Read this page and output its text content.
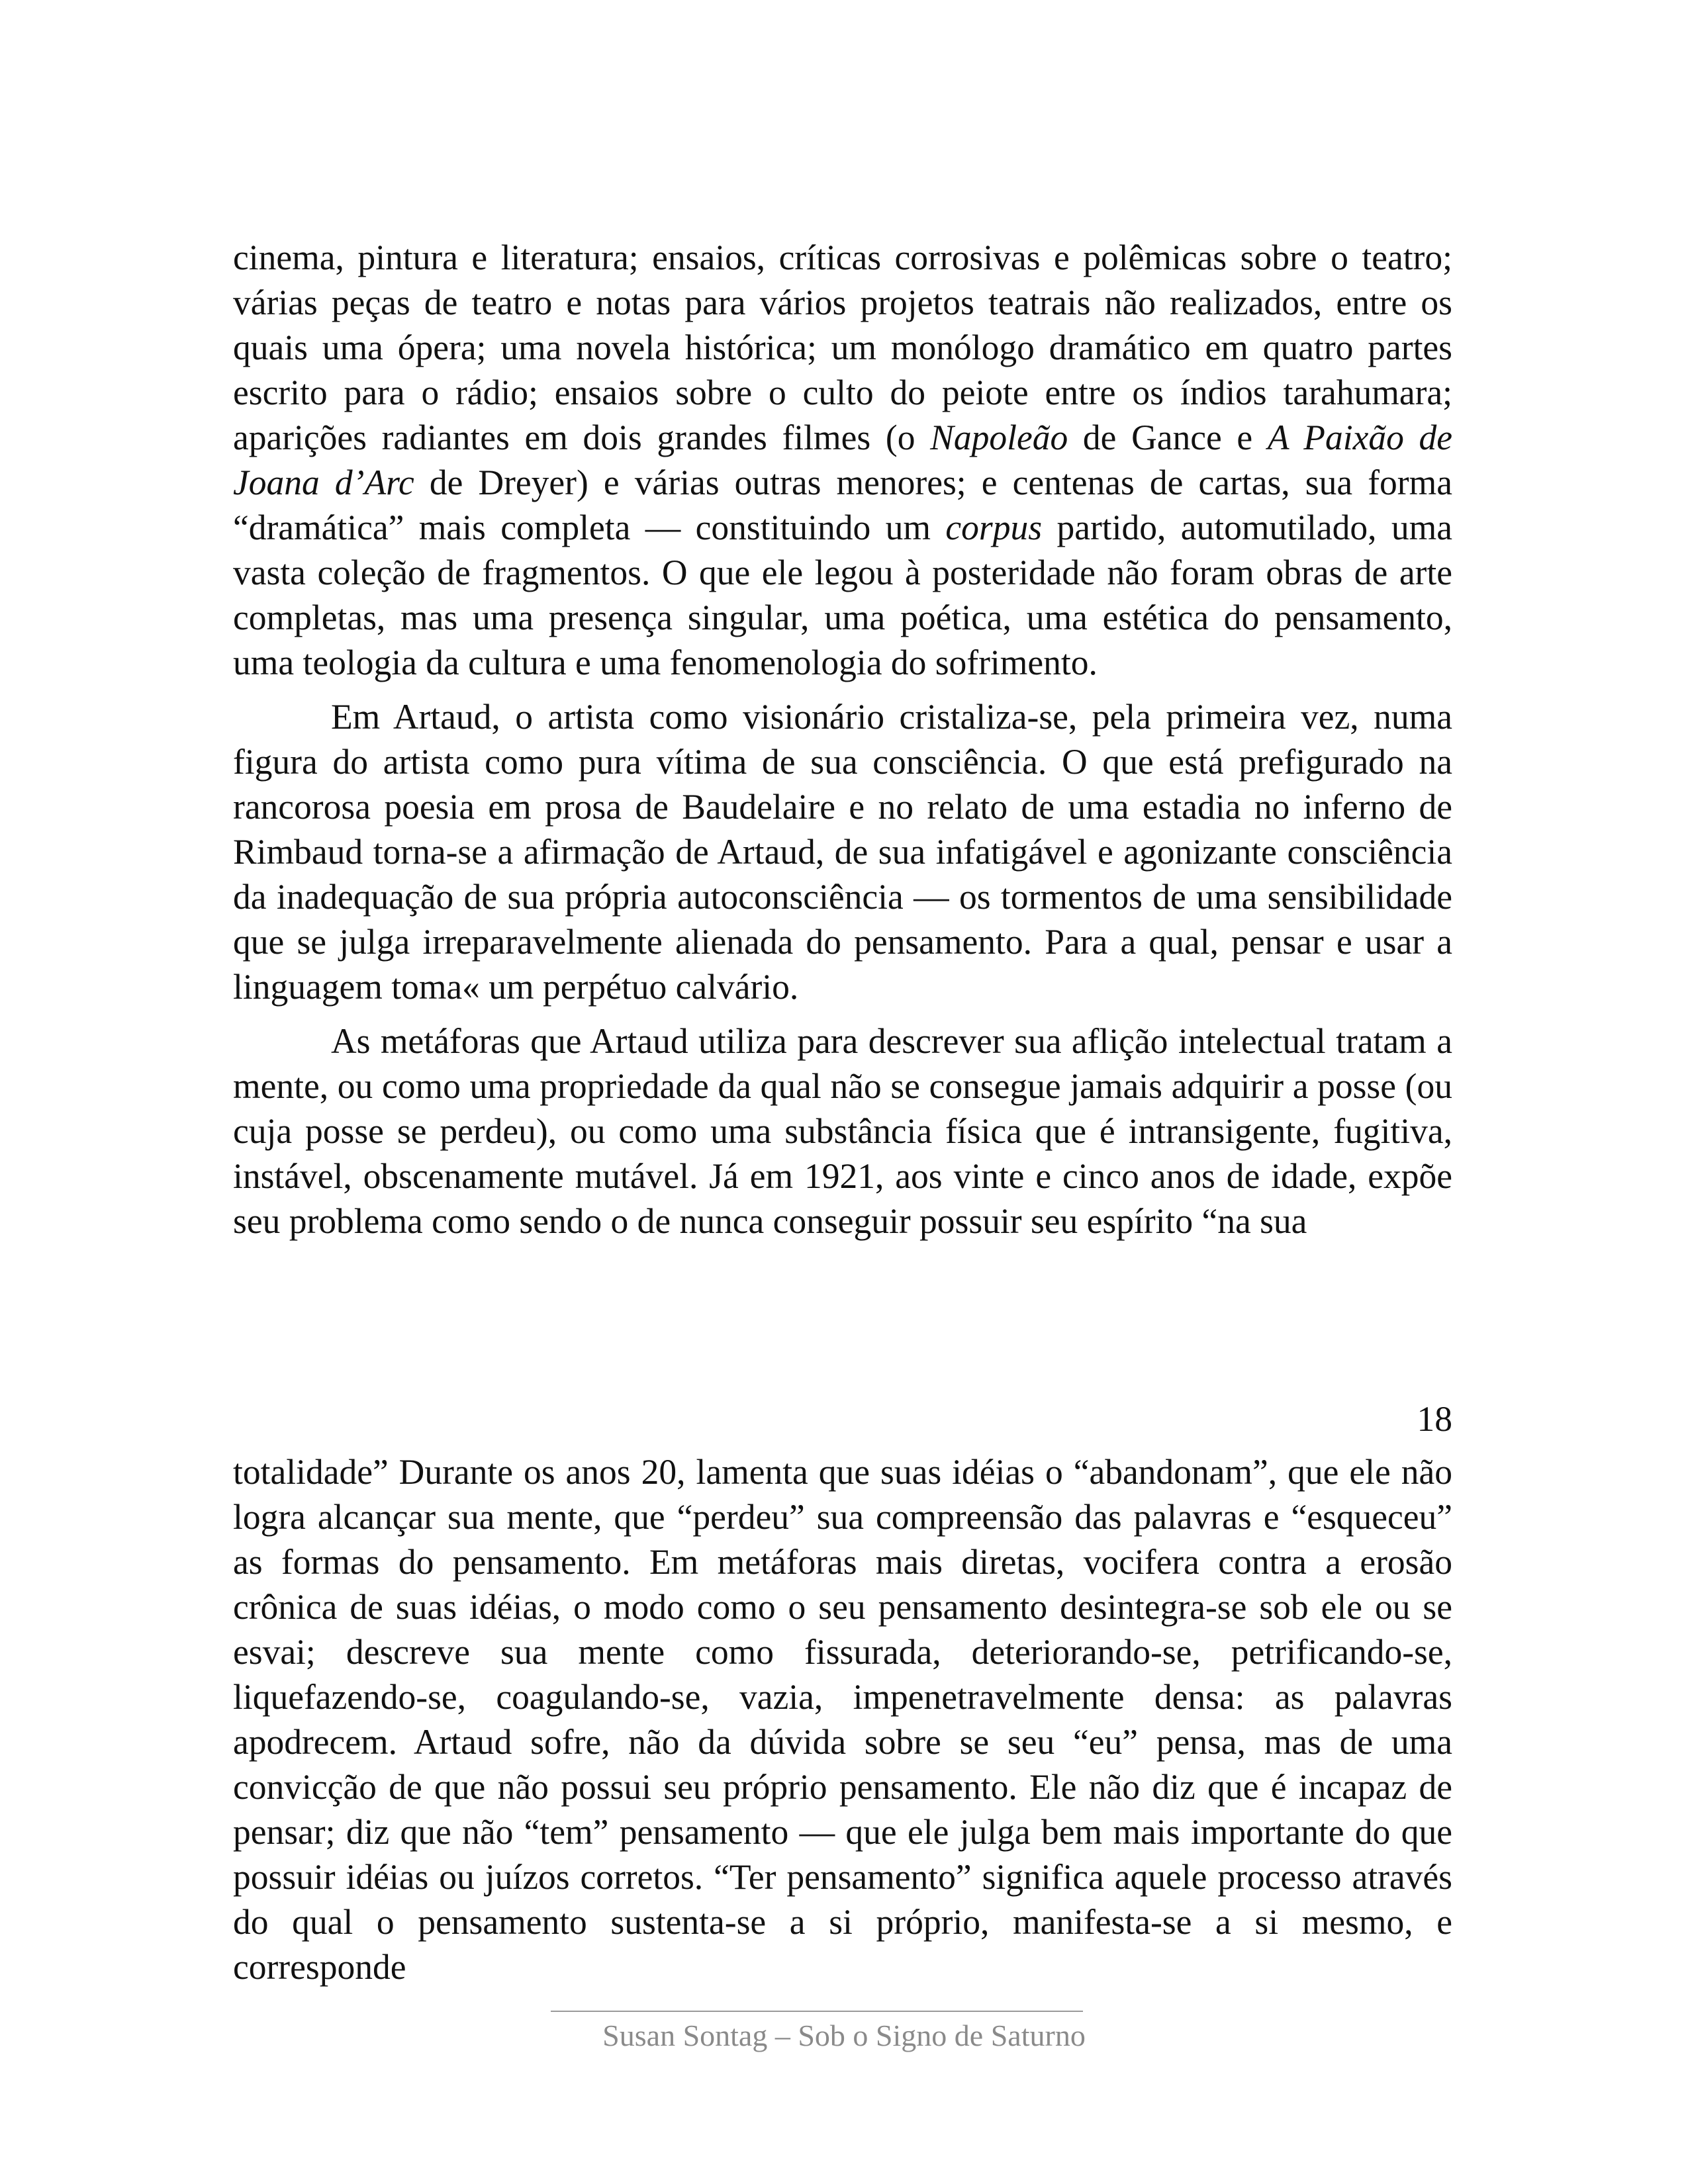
cinema, pintura e literatura; ensaios, críticas corrosivas e polêmicas sobre o teatro; várias peças de teatro e notas para vários projetos teatrais não realizados, entre os quais uma ópera; uma novela histórica; um monólogo dramático em quatro partes escrito para o rádio; ensaios sobre o culto do peiote entre os índios tarahumara; aparições radiantes em dois grandes filmes (o Napoleão de Gance e A Paixão de Joana d’Arc de Dreyer) e várias outras menores; e centenas de cartas, sua forma “dramática” mais completa — constituindo um corpus partido, automutilado, uma vasta coleção de fragmentos. O que ele legou à posteridade não foram obras de arte completas, mas uma presença singular, uma poética, uma estética do pensamento, uma teologia da cultura e uma fenomenologia do sofrimento.

Em Artaud, o artista como visionário cristaliza-se, pela primeira vez, numa figura do artista como pura vítima de sua consciência. O que está prefigurado na rancorosa poesia em prosa de Baudelaire e no relato de uma estadia no inferno de Rimbaud torna-se a afirmação de Artaud, de sua infatigável e agonizante consciência da inadequação de sua própria autoconsciência — os tormentos de uma sensibilidade que se julga irreparavelmente alienada do pensamento. Para a qual, pensar e usar a linguagem toma« um perpétuo calvário.

As metáforas que Artaud utiliza para descrever sua aflição intelectual tratam a mente, ou como uma propriedade da qual não se consegue jamais adquirir a posse (ou cuja posse se perdeu), ou como uma substância física que é intransigente, fugitiva, instável, obscenamente mutável. Já em 1921, aos vinte e cinco anos de idade, expõe seu problema como sendo o de nunca conseguir possuir seu espírito “na sua

18

totalidade” Durante os anos 20, lamenta que suas idéias o “abandonam”, que ele não logra alcançar sua mente, que “perdeu” sua compreensão das palavras e “esqueceu” as formas do pensamento. Em metáforas mais diretas, vocifera contra a erosão crônica de suas idéias, o modo como o seu pensamento desintegra-se sob ele ou se esvai; descreve sua mente como fissurada, deteriorando-se, petrificando-se, liquefazendo-se, coagulando-se, vazia, impenetravelmente densa: as palavras apodrecem. Artaud sofre, não da dúvida sobre se seu “eu” pensa, mas de uma convicção de que não possui seu próprio pensamento. Ele não diz que é incapaz de pensar; diz que não “tem” pensamento — que ele julga bem mais importante do que possuir idéias ou juízos corretos. “Ter pensamento” significa aquele processo através do qual o pensamento sustenta-se a si próprio, manifesta-se a si mesmo, e corresponde

Susan Sontag – Sob o Signo de Saturno
